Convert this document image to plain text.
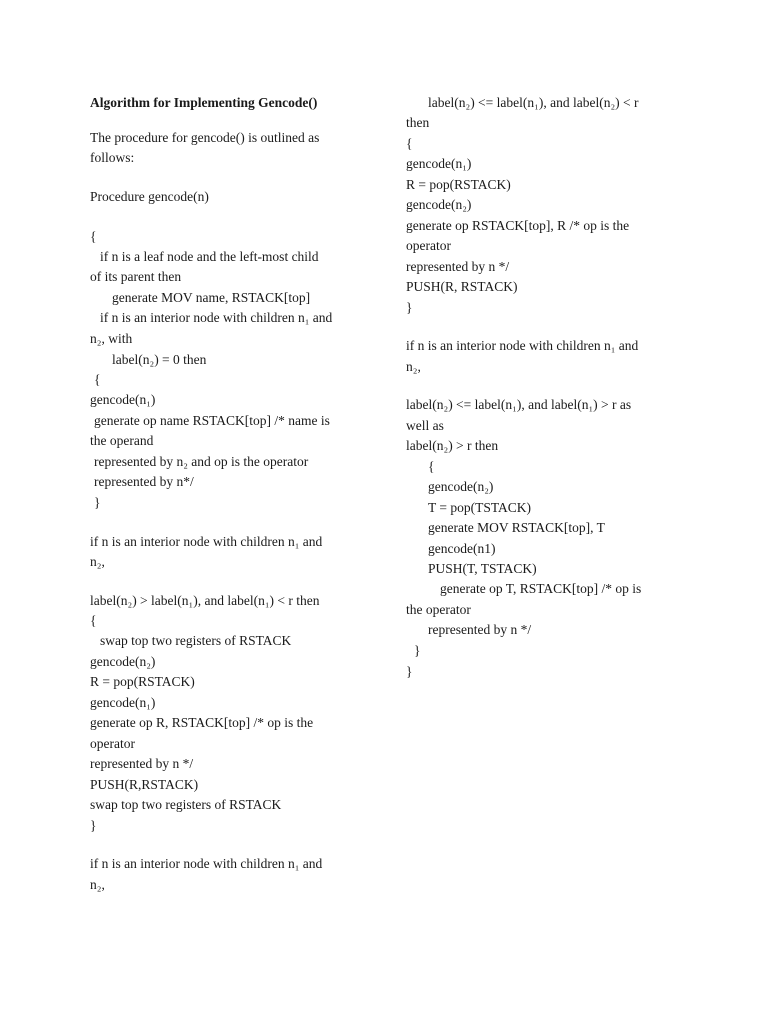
Algorithm for Implementing Gencode()
The procedure for gencode() is outlined as
follows:
Procedure gencode(n)
{
if n is a leaf node and the left-most child
of its parent then
generate MOV name, RSTACK[top]
if n is an interior node with children n₁ and
n₂, with
label(n₂) = 0 then
{
gencode(n₁)
generate op name RSTACK[top] /* name is
the operand
represented by n₂ and op is the operator
represented by n*/
}
if n is an interior node with children n₁ and
n₂,
label(n₂) > label(n₁), and label(n₁) < r then
{
swap top two registers of RSTACK
gencode(n₂)
R = pop(RSTACK)
gencode(n₁)
generate op R, RSTACK[top] /* op is the
operator
represented by n */
PUSH(R,RSTACK)
swap top two registers of RSTACK
}
if n is an interior node with children n₁ and
n₂,
label(n₂) <= label(n₁), and label(n₂) < r
then
{
gencode(n₁)
R = pop(RSTACK)
gencode(n₂)
generate op RSTACK[top], R /* op is the
operator
represented by n */
PUSH(R, RSTACK)
}
if n is an interior node with children n₁ and
n₂,
label(n₂) <= label(n₁), and label(n₁) > r as
well as
label(n₂) > r then
{
gencode(n₂)
T = pop(TSTACK)
generate MOV RSTACK[top], T
gencode(n1)
PUSH(T, TSTACK)
generate op T, RSTACK[top] /* op is
the operator
represented by n */
}
}
